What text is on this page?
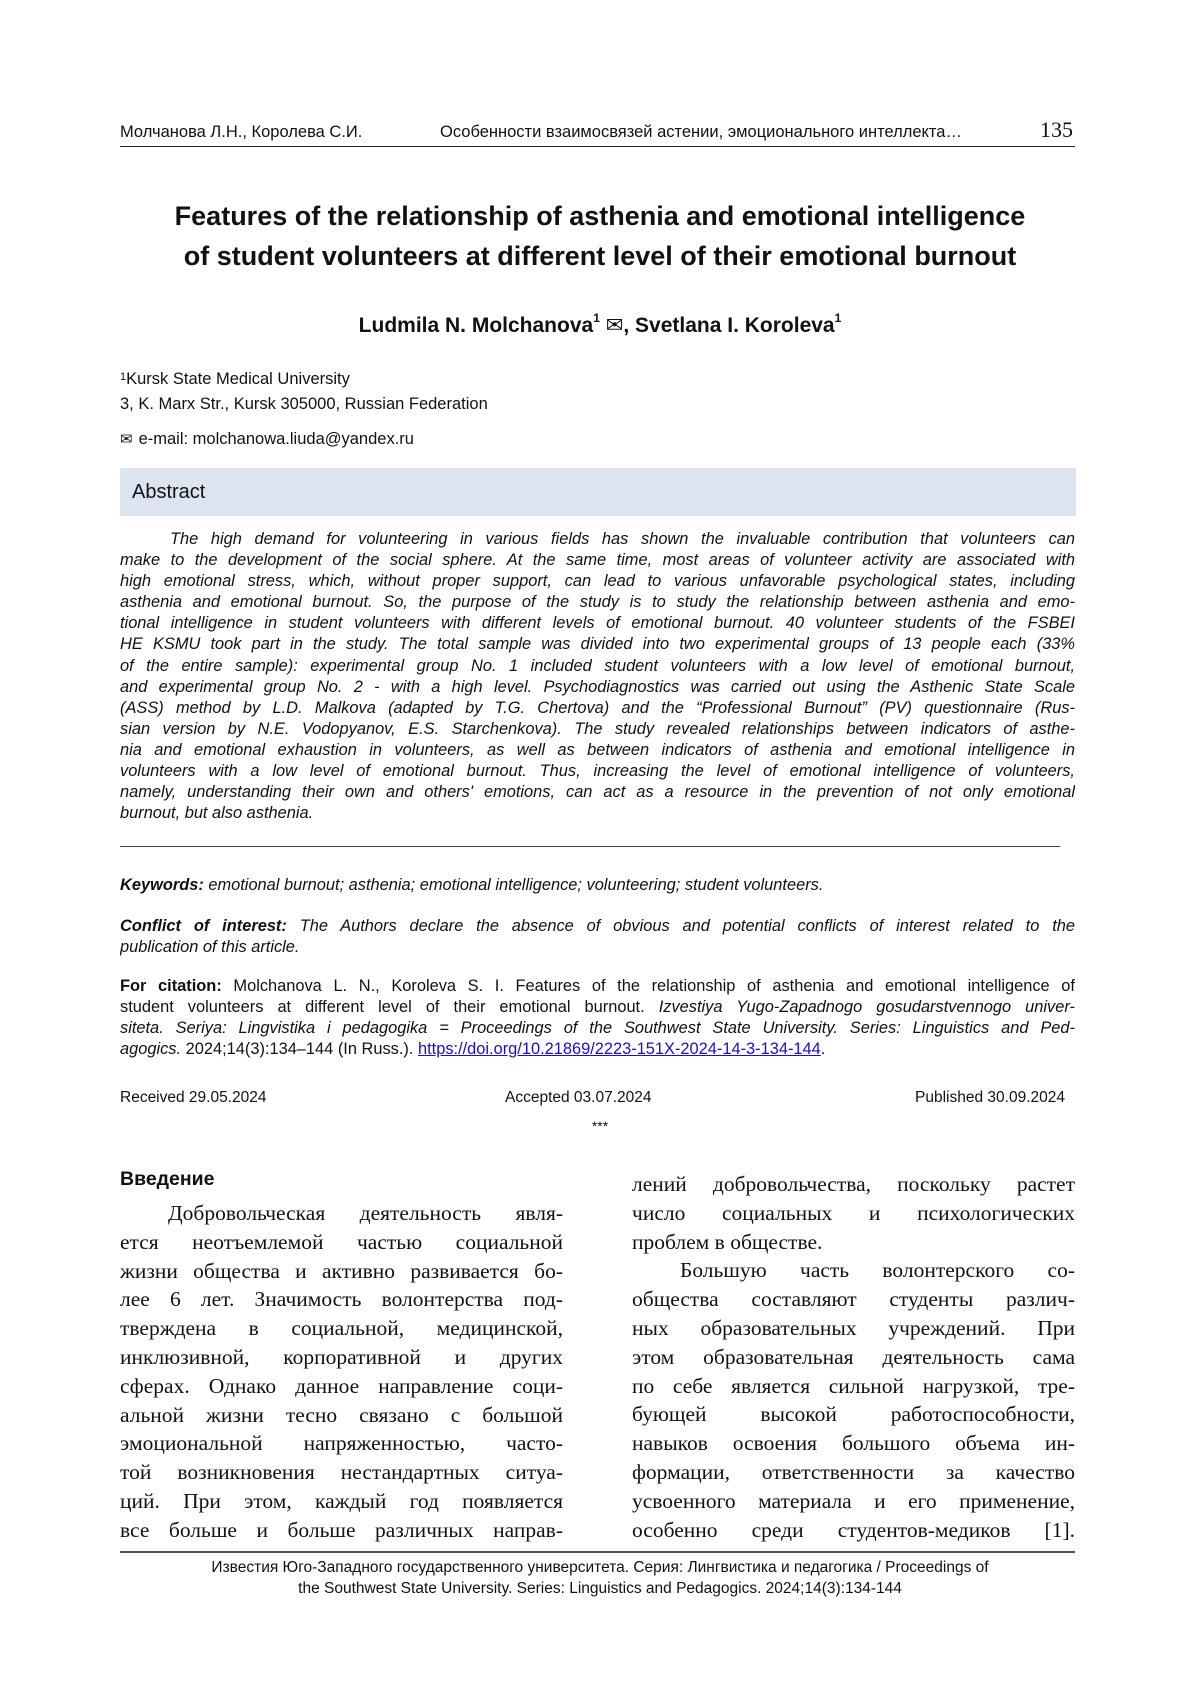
Молчанова Л.Н., Королева С.И.	Особенности взаимосвязей астении, эмоционального интеллекта…	135
Features of the relationship of asthenia and emotional intelligence
of student volunteers at different level of their emotional burnout
Ludmila N. Molchanova1 ✉, Svetlana I. Koroleva1
1Kursk State Medical University
3, K. Marx Str., Kursk 305000, Russian Federation
✉ e-mail: molchanowa.liuda@yandex.ru
Abstract
The high demand for volunteering in various fields has shown the invaluable contribution that volunteers can
make to the development of the social sphere. At the same time, most areas of volunteer activity are associated with
high emotional stress, which, without proper support, can lead to various unfavorable psychological states, including
asthenia and emotional burnout. So, the purpose of the study is to study the relationship between asthenia and emo-
tional intelligence in student volunteers with different levels of emotional burnout. 40 volunteer students of the FSBEI
HE KSMU took part in the study. The total sample was divided into two experimental groups of 13 people each (33%
of the entire sample): experimental group No. 1 included student volunteers with a low level of emotional burnout,
and experimental group No. 2 - with a high level. Psychodiagnostics was carried out using the Asthenic State Scale
(ASS) method by L.D. Malkova (adapted by T.G. Chertova) and the “Professional Burnout” (PV) questionnaire (Rus-
sian version by N.E. Vodopyanov, E.S. Starchenkova). The study revealed relationships between indicators of asthe-
nia and emotional exhaustion in volunteers, as well as between indicators of asthenia and emotional intelligence in
volunteers with a low level of emotional burnout. Thus, increasing the level of emotional intelligence of volunteers,
namely, understanding their own and others' emotions, can act as a resource in the prevention of not only emotional
burnout, but also asthenia.
Keywords: emotional burnout; asthenia; emotional intelligence; volunteering; student volunteers.
Conflict of interest: The Authors declare the absence of obvious and potential conflicts of interest related to the
publication of this article.
For citation: Molchanova L. N., Koroleva S. I. Features of the relationship of asthenia and emotional intelligence of
student volunteers at different level of their emotional burnout. Izvestiya Yugo-Zapadnogo gosudarstvennogo univer-
siteta. Seriya: Lingvistika i pedagogika = Proceedings of the Southwest State University. Series: Linguistics and Ped-
agogics. 2024;14(3):134–144 (In Russ.). https://doi.org/10.21869/2223-151X-2024-14-3-134-144.
Received 29.05.2024	Accepted 03.07.2024	Published 30.09.2024
***
Введение
Добровольческая деятельность явля-
ется неотъемлемой частью социальной
жизни общества и активно развивается бо-
лее 6 лет. Значимость волонтерства под-
тверждена в социальной, медицинской,
инклюзивной, корпоративной и других
сферах. Однако данное направление соци-
альной жизни тесно связано с большой
эмоциональной напряженностью, часто-
той возникновения нестандартных ситуа-
ций. При этом, каждый год появляется
все больше и больше различных направ-
лений добровольчества, поскольку растет
число социальных и психологических
проблем в обществе.
Большую часть волонтерского со-
общества составляют студенты различ-
ных образовательных учреждений. При
этом образовательная деятельность сама
по себе является сильной нагрузкой, тре-
бующей высокой работоспособности,
навыков освоения большого объема ин-
формации, ответственности за качество
усвоенного материала и его применение,
особенно среди студентов-медиков [1].
Известия Юго-Западного государственного университета. Серия: Лингвистика и педагогика / Proceedings of
the Southwest State University. Series: Linguistics and Pedagogics. 2024;14(3):134-144
